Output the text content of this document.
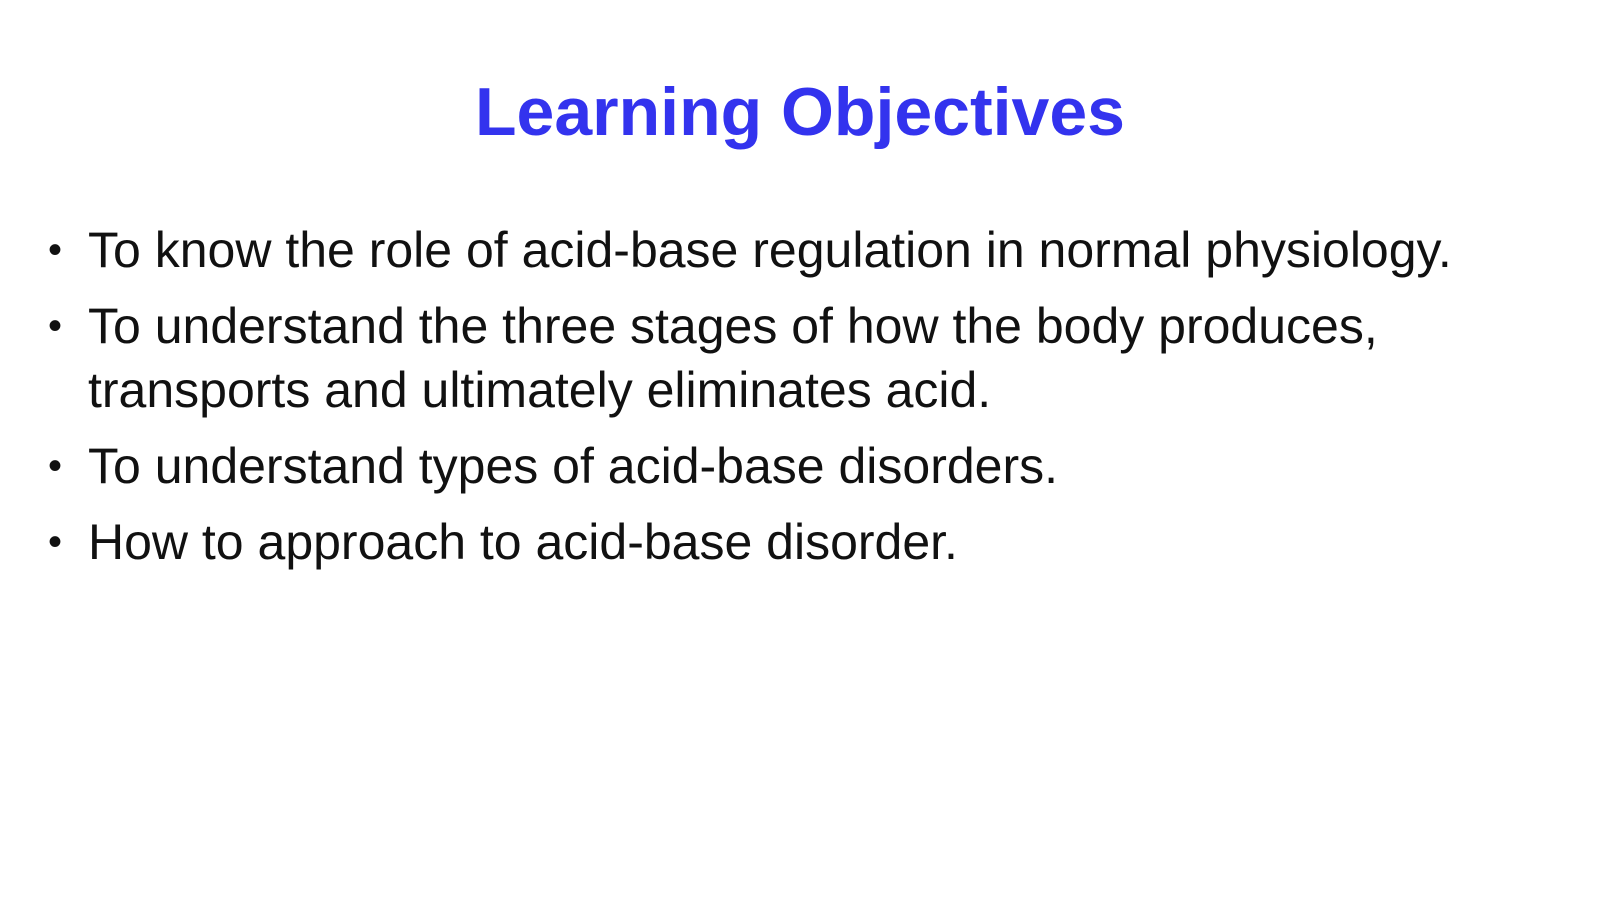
Learning Objectives
• To know the role of acid-base regulation in normal physiology.
• To understand the three stages of how the body produces, transports and ultimately eliminates acid.
• To understand types of acid-base disorders.
• How to approach to acid-base disorder.
